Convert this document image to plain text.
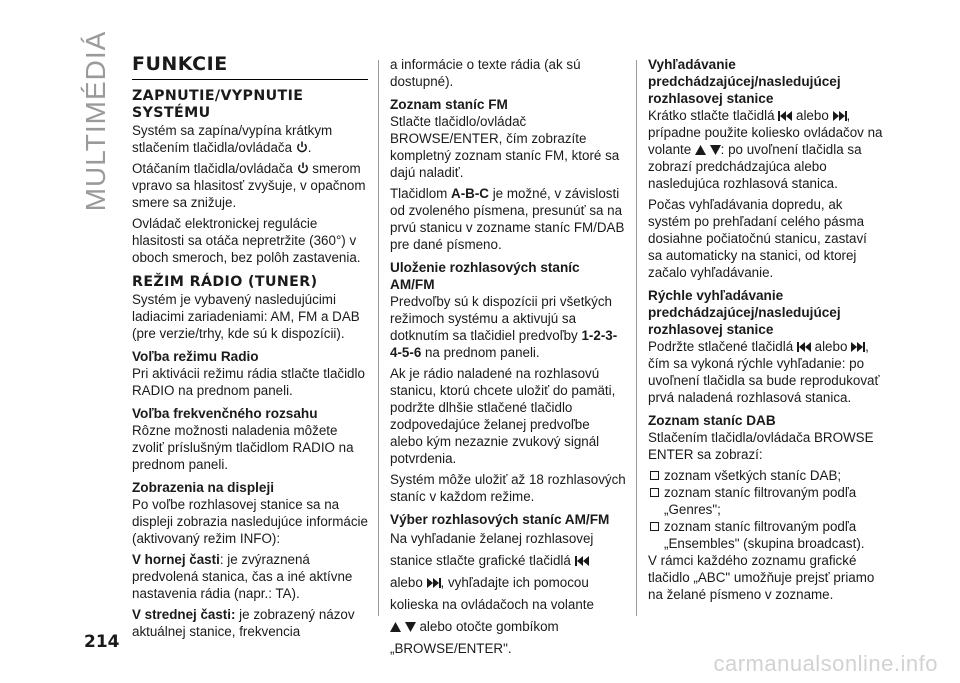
MULTIMÉDIÁ FUNKCIE
ZAPNUTIE/VYPNUTIE SYSTÉMU

Systém sa zapína/vypína krátkym stlačením tlačidla/ovládača .

Otáčaním tlačidla/ovládača smerom vpravo sa hlasitosť zvyšuje, v opačnom smere sa znižuje.

Ovládač elektronickej regulácie hlasitosti sa otáča nepretržite (360°) v oboch smeroch, bez polôh zastavenia.

REŽIM RÁDIO (TUNER)

Systém je vybavený nasledujúcimi ladiacimi zariadeniami: AM, FM a DAB (pre verzie/trhy, kde sú k dispozícii).

Voľba režimu Radio

Pri aktivácii režimu rádia stlačte tlačidlo RADIO na prednom paneli.

Voľba frekvenčného rozsahu

Rôzne možnosti naladenia môžete zvoliť príslušným tlačidlom RADIO na prednom paneli.

Zobrazenia na displeji

Po voľbe rozhlasovej stanice sa na displeji zobrazia nasledujúce informácie (aktivovaný režim INFO):

V hornej časti: je zvýraznená predvolená stanica, čas a iné aktívne nastavenia rádia (napr.: TA).

V strednej časti: je zobrazený názov aktuálnej stanice, frekvencia

a informácie o texte rádia (ak sú dostupné).

Zoznam staníc FM

Stlačte tlačidlo/ovládač BROWSE/ENTER, čím zobrazíte kompletný zoznam staníc FM, ktoré sa dajú naladiť.

Tlačidlom A-B-C je možné, v závislosti od zvoleného písmena, presunúť sa na prvú stanicu v zozname staníc FM/DAB pre dané písmeno.

Uloženie rozhlasových staníc AM/FM

Predvoľby sú k dispozícii pri všetkých režimoch systému a aktivujú sa dotknutím sa tlačidiel predvoľby 1-2-3-4-5-6 na prednom paneli.

Ak je rádio naladené na rozhlasovú stanicu, ktorú chcete uložiť do pamäti, podržte dlhšie stlačené tlačidlo zodpovedajúce želanej predvoľbe alebo kým nezaznie zvukový signál potvrdenia.

Systém môže uložiť až 18 rozhlasových staníc v každom režime.

Výber rozhlasových staníc AM/FM

Na vyhľadanie želanej rozhlasovej stanice stlačte grafické tlačidlá
alebo , vyhľadajte ich pomocou kolieska na ovládačoch na volante
alebo otočte gombíkom „BROWSE/ENTER".

Vyhľadávanie predchádzajúcej/nasledujúcej rozhlasovej stanice

Krátko stlačte tlačidlá alebo , prípadne použite koliesko ovládačov na volante : po uvoľnení tlačidla sa zobrazí predchádzajúca alebo nasledujúca rozhlasová stanica.

Počas vyhľadávania dopredu, ak systém po prehľadaní celého pásma dosiahne počiatočnú stanicu, zastaví sa automaticky na stanici, od ktorej začalo vyhľadávanie.

Rýchle vyhľadávanie predchádzajúcej/nasledujúcej rozhlasovej stanice

Podržte stlačené tlačidlá alebo , čím sa vykoná rýchle vyhľadanie: po uvoľnení tlačidla sa bude reprodukovať prvá naladená rozhlasová stanica.

Zoznam staníc DAB

Stlačením tlačidla/ovládača BROWSE ENTER sa zobrazí:

zoznam všetkých staníc DAB;

zoznam staníc filtrovaným podľa „Genres";

zoznam staníc filtrovaným podľa „Ensembles" (skupina broadcast).

V rámci každého zoznamu grafické tlačidlo „ABC" umožňuje prejsť priamo na želané písmeno v zozname.

214
carmanualsonline.info
